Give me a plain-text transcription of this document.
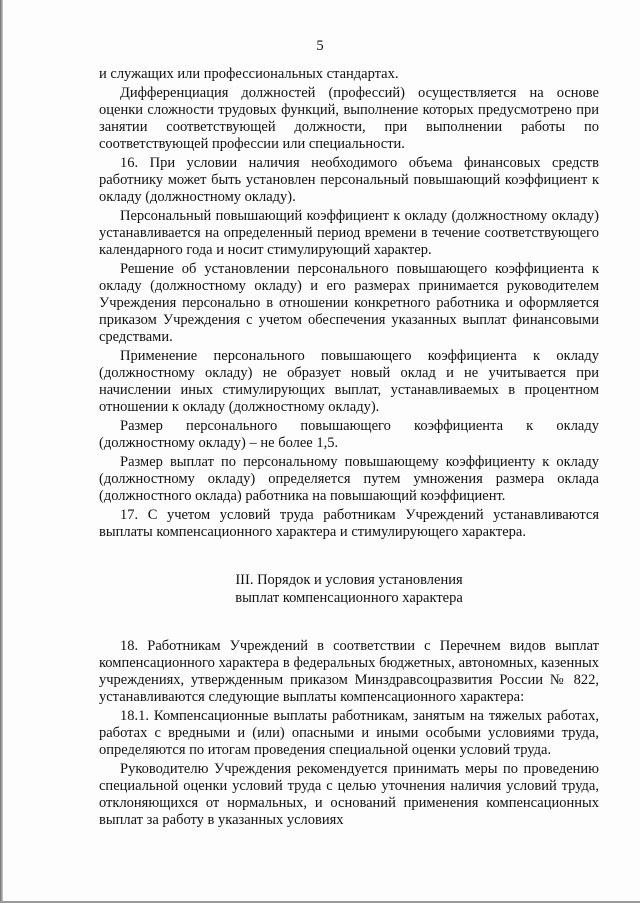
5

и служащих или профессиональных стандартах.

Дифференциация должностей (профессий) осуществляется на основе оценки сложности трудовых функций, выполнение которых предусмотрено при занятии соответствующей должности, при выполнении работы по соответствующей профессии или специальности.

16. При условии наличия необходимого объема финансовых средств работнику может быть установлен персональный повышающий коэффициент к окладу (должностному окладу).

Персональный повышающий коэффициент к окладу (должностному окладу) устанавливается на определенный период времени в течение соответствующего календарного года и носит стимулирующий характер.

Решение об установлении персонального повышающего коэффициента к окладу (должностному окладу) и его размерах принимается руководителем Учреждения персонально в отношении конкретного работника и оформляется приказом Учреждения с учетом обеспечения указанных выплат финансовыми средствами.

Применение персонального повышающего коэффициента к окладу (должностному окладу) не образует новый оклад и не учитывается при начислении иных стимулирующих выплат, устанавливаемых в процентном отношении к окладу (должностному окладу).

Размер персонального повышающего коэффициента к окладу (должностному окладу) – не более 1,5.

Размер выплат по персональному повышающему коэффициенту к окладу (должностному окладу) определяется путем умножения размера оклада (должностного оклада) работника на повышающий коэффициент.

17. С учетом условий труда работникам Учреждений устанавливаются выплаты компенсационного характера и стимулирующего характера.

III. Порядок и условия установления
выплат компенсационного характера

18. Работникам Учреждений в соответствии с Перечнем видов выплат компенсационного характера в федеральных бюджетных, автономных, казенных учреждениях, утвержденным приказом Минздравсоцразвития России № 822, устанавливаются следующие выплаты компенсационного характера:

18.1. Компенсационные выплаты работникам, занятым на тяжелых работах, работах с вредными и (или) опасными и иными особыми условиями труда, определяются по итогам проведения специальной оценки условий труда.

Руководителю Учреждения рекомендуется принимать меры по проведению специальной оценки условий труда с целью уточнения наличия условий труда, отклоняющихся от нормальных, и оснований применения компенсационных выплат за работу в указанных условиях
